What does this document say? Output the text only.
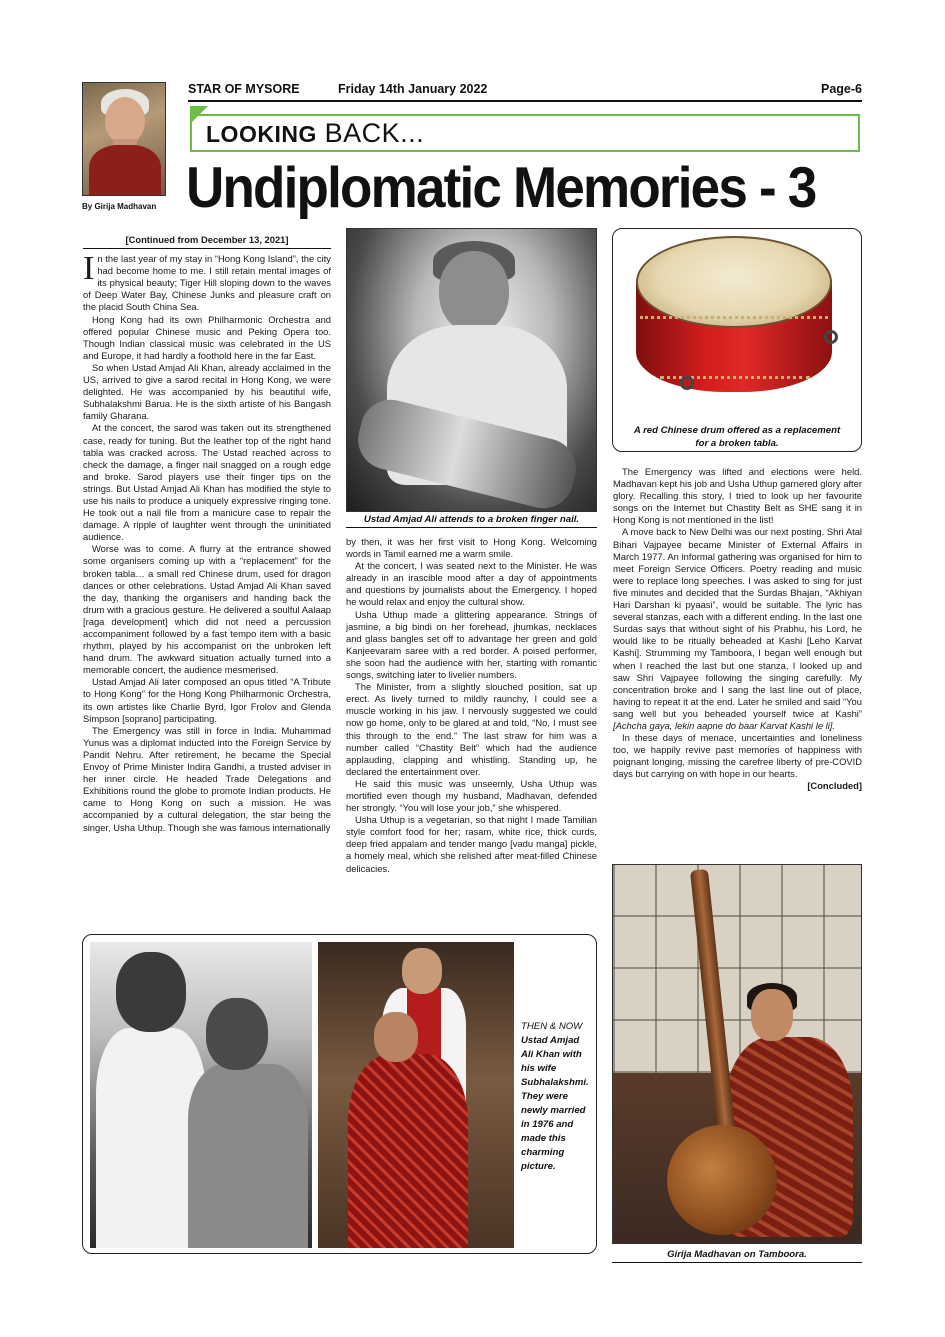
By Girija Madhavan
STAR OF MYSORE	Friday 14th January 2022	Page-6
LOOKING BACK...
Undiplomatic Memories - 3
[Continued from December 13, 2021]

In the last year of my stay in “Hong Kong Island”, the city had become home to me. I still retain mental images of its physical beauty; Tiger Hill sloping down to the waves of Deep Water Bay, Chinese Junks and pleasure craft on the placid South China Sea.

Hong Kong had its own Philharmonic Orchestra and offered popular Chinese music and Peking Opera too. Though Indian classical music was celebrated in the US and Europe, it had hardly a foothold here in the far East.

So when Ustad Amjad Ali Khan, already acclaimed in the US, arrived to give a sarod recital in Hong Kong, we were delighted. He was accompanied by his beautiful wife, Subhalakshmi Barua. He is the sixth artiste of his Bangash family Gharana.

At the concert, the sarod was taken out its strengthened case, ready for tuning. But the leather top of the right hand tabla was cracked across. The Ustad reached across to check the damage, a finger nail snagged on a rough edge and broke. Sarod players use their finger tips on the strings. But Ustad Amjad Ali Khan has modified the style to use his nails to produce a uniquely expressive ringing tone. He took out a nail file from a manicure case to repair the damage. A ripple of laughter went through the uninitiated audience.

Worse was to come. A flurry at the entrance showed some organisers coming up with a “replacement” for the broken tabla… a small red Chinese drum, used for dragon dances or other celebrations. Ustad Amjad Ali Khan saved the day, thanking the organisers and handing back the drum with a gracious gesture. He delivered a soulful Aalaap [raga development] which did not need a percussion accompaniment followed by a fast tempo item with a basic rhythm, played by his accompanist on the unbroken left hand drum. The awkward situation actually turned into a memorable concert, the audience mesmerised.

Ustad Amjad Ali later composed an opus titled “A Tribute to Hong Kong” for the Hong Kong Philharmonic Orchestra, its own artistes like Charlie Byrd, Igor Frolov and Glenda Simpson [soprano] participating.

The Emergency was still in force in India. Muhammad Yunus was a diplomat inducted into the Foreign Service by Pandit Nehru. After retirement, he became the Special Envoy of Prime Minister Indira Gandhi, a trusted adviser in her inner circle. He headed Trade Delegations and Exhibitions round the globe to promote Indian products. He came to Hong Kong on such a mission. He was accompanied by a cultural delegation, the star being the singer, Usha Uthup. Though she was famous internationally

Ustad Amjad Ali attends to a broken finger nail.

by then, it was her first visit to Hong Kong. Welcoming words in Tamil earned me a warm smile.

At the concert, I was seated next to the Minister. He was already in an irascible mood after a day of appointments and questions by journalists about the Emergency. I hoped he would relax and enjoy the cultural show.

Usha Uthup made a glittering appearance. Strings of jasmine, a big bindi on her forehead, jhumkas, necklaces and glass bangles set off to advantage her green and gold Kanjeevaram saree with a red border. A poised performer, she soon had the audience with her, starting with romantic songs, switching later to livelier numbers.

The Minister, from a slightly slouched position, sat up erect. As lively turned to mildly raunchy, I could see a muscle working in his jaw. I nervously suggested we could now go home, only to be glared at and told, “No, I must see this through to the end.” The last straw for him was a number called “Chastity Belt” which had the audience applauding, clapping and whistling. Standing up, he declared the entertainment over.

He said this music was unseemly, Usha Uthup was mortified even though my husband, Madhavan, defended her strongly. “You will lose your job,” she whispered.

Usha Uthup is a vegetarian, so that night I made Tamilian style comfort food for her; rasam, white rice, thick curds, deep fried appalam and tender mango [vadu manga] pickle, a homely meal, which she relished after meat-filled Chinese delicacies.

A red Chinese drum offered as a replacement
for a broken tabla.

The Emergency was lifted and elections were held. Madhavan kept his job and Usha Uthup garnered glory after glory. Recalling this story, I tried to look up her favourite songs on the Internet but Chastity Belt as SHE sang it in Hong Kong is not mentioned in the list!

A move back to New Delhi was our next posting. Shri Atal Bihari Vajpayee became Minister of External Affairs in March 1977. An informal gathering was organised for him to meet Foreign Service Officers. Poetry reading and music were to replace long speeches. I was asked to sing for just five minutes and decided that the Surdas Bhajan, “Akhiyan Hari Darshan ki pyaasi”, would be suitable. The lyric has several stanzas, each with a different ending. In the last one Surdas says that without sight of his Prabhu, his Lord, he would like to be ritually beheaded at Kashi [Leho Karvat Kashi]. Strumming my Tamboora, I began well enough but when I reached the last but one stanza, I looked up and saw Shri Vajpayee following the singing carefully. My concentration broke and I sang the last line out of place, having to repeat it at the end. Later he smiled and said “You sang well but you beheaded yourself twice at Kashi” [Achcha gaya, lekin aapne do baar Karvat Kashi le li].

In these days of menace, uncertainties and loneliness too, we happily revive past memories of happiness with poignant longing, missing the carefree liberty of pre-COVID days but carrying on with hope in our hearts.

[Concluded]

THEN & NOW Ustad Amjad Ali Khan with his wife Subhalakshmi. They were newly married in 1976 and made this charming picture.
Girija Madhavan on Tamboora.
